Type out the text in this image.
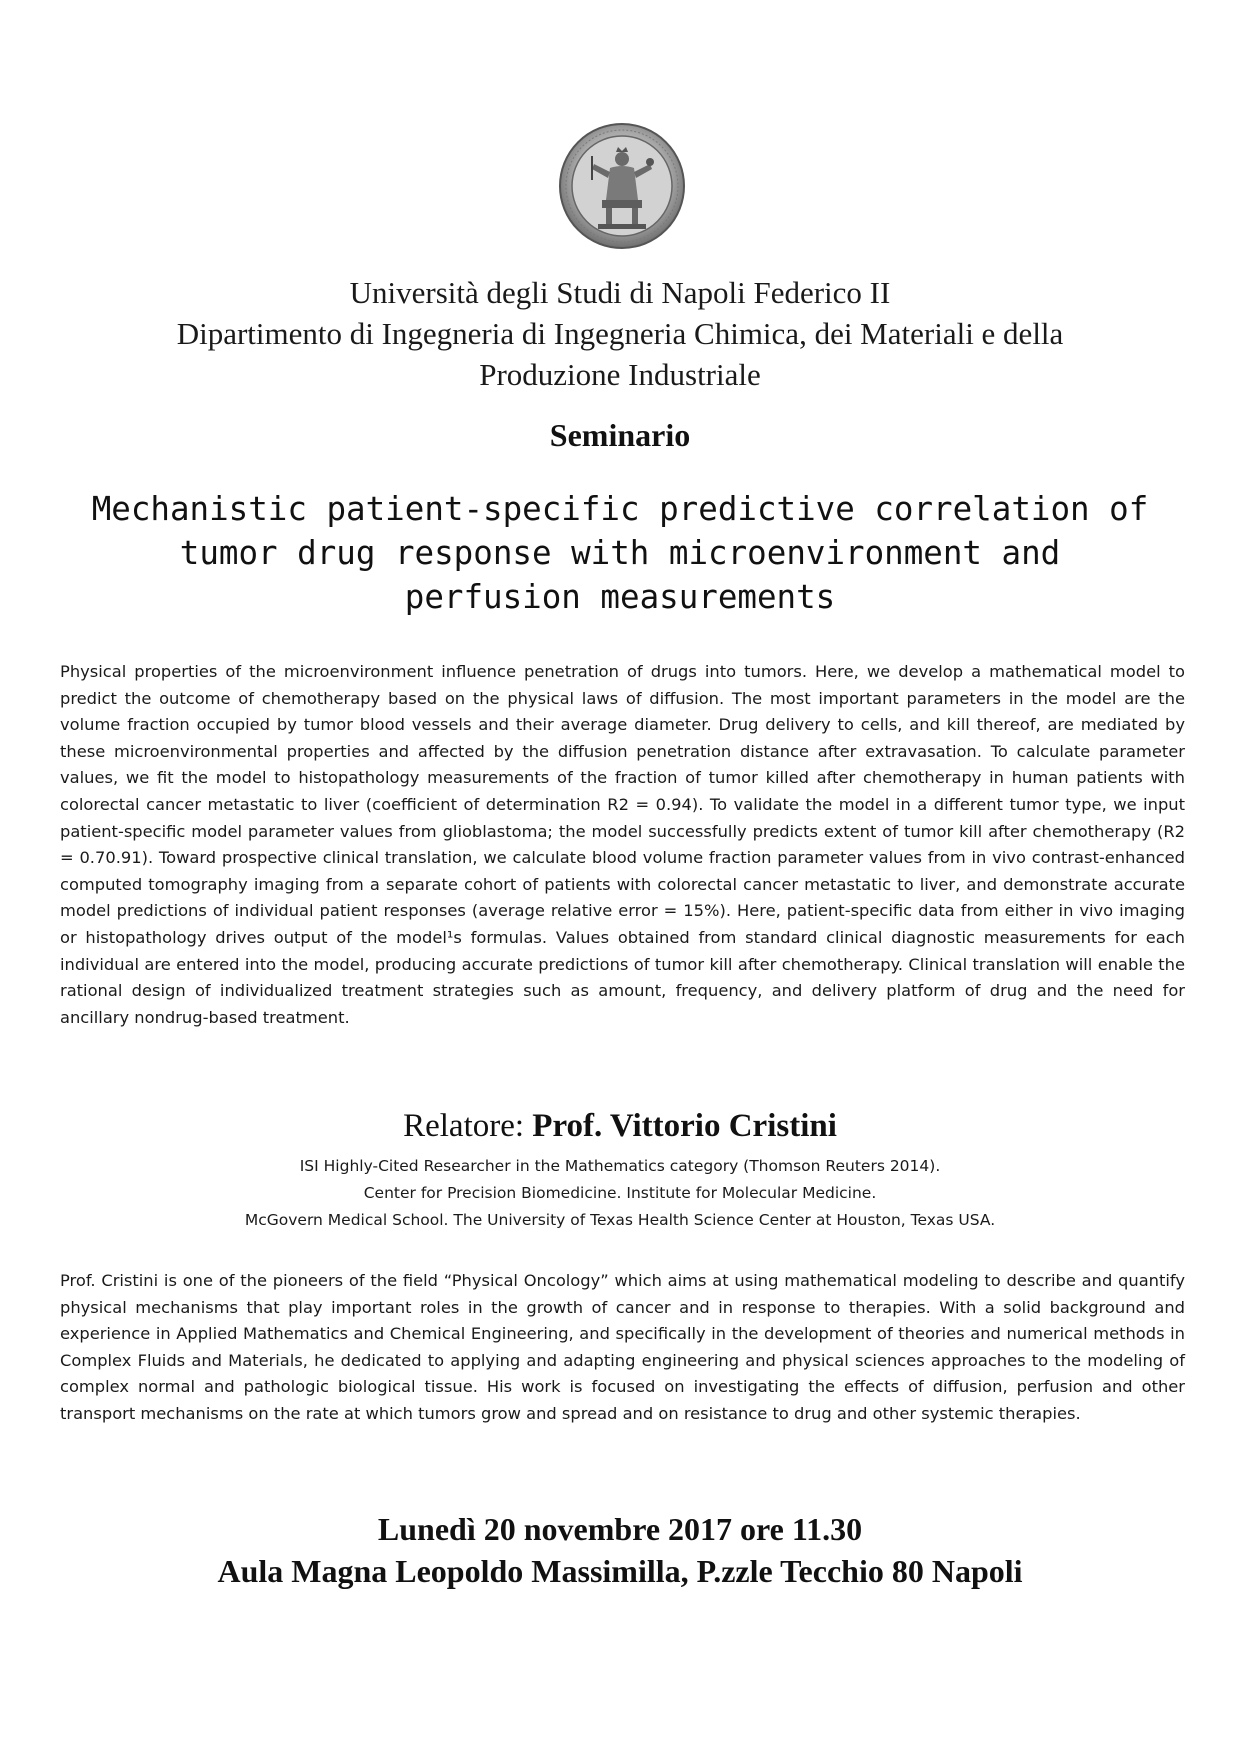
Università degli Studi di Napoli Federico II
Dipartimento di Ingegneria di Ingegneria Chimica, dei Materiali e della
Produzione Industriale
Seminario
Mechanistic patient-specific predictive correlation of
tumor drug response with microenvironment and
perfusion measurements

Physical properties of the microenvironment influence penetration of drugs into tumors. Here, we develop a mathematical model to predict the outcome of chemotherapy based on the physical laws of diffusion. The most important parameters in the model are the volume fraction occupied by tumor blood vessels and their average diameter. Drug delivery to cells, and kill thereof, are mediated by these microenvironmental properties and affected by the diffusion penetration distance after extravasation. To calculate parameter values, we fit the model to histopathology measurements of the fraction of tumor killed after chemotherapy in human patients with colorectal cancer metastatic to liver (coefficient of determination R2 = 0.94). To validate the model in a different tumor type, we input patient-specific model parameter values from glioblastoma; the model successfully predicts extent of tumor kill after chemotherapy (R2 = 0.70.91). Toward prospective clinical translation, we calculate blood volume fraction parameter values from in vivo contrast-enhanced computed tomography imaging from a separate cohort of patients with colorectal cancer metastatic to liver, and demonstrate accurate model predictions of individual patient responses (average relative error = 15%). Here, patient-specific data from either in vivo imaging or histopathology drives output of the model¹s formulas. Values obtained from standard clinical diagnostic measurements for each individual are entered into the model, producing accurate predictions of tumor kill after chemotherapy. Clinical translation will enable the rational design of individualized treatment strategies such as amount, frequency, and delivery platform of drug and the need for ancillary nondrug-based treatment.

Relatore: Prof. Vittorio Cristini
ISI Highly-Cited Researcher in the Mathematics category (Thomson Reuters 2014).
Center for Precision Biomedicine. Institute for Molecular Medicine.
McGovern Medical School. The University of Texas Health Science Center at Houston, Texas USA.

Prof. Cristini is one of the pioneers of the field “Physical Oncology” which aims at using mathematical modeling to describe and quantify physical mechanisms that play important roles in the growth of cancer and in response to therapies. With a solid background and experience in Applied Mathematics and Chemical Engineering, and specifically in the development of theories and numerical methods in Complex Fluids and Materials, he dedicated to applying and adapting engineering and physical sciences approaches to the modeling of complex normal and pathologic biological tissue. His work is focused on investigating the effects of diffusion, perfusion and other transport mechanisms on the rate at which tumors grow and spread and on resistance to drug and other systemic therapies.

Lunedì 20 novembre 2017 ore 11.30
Aula Magna Leopoldo Massimilla, P.zzle Tecchio 80 Napoli
